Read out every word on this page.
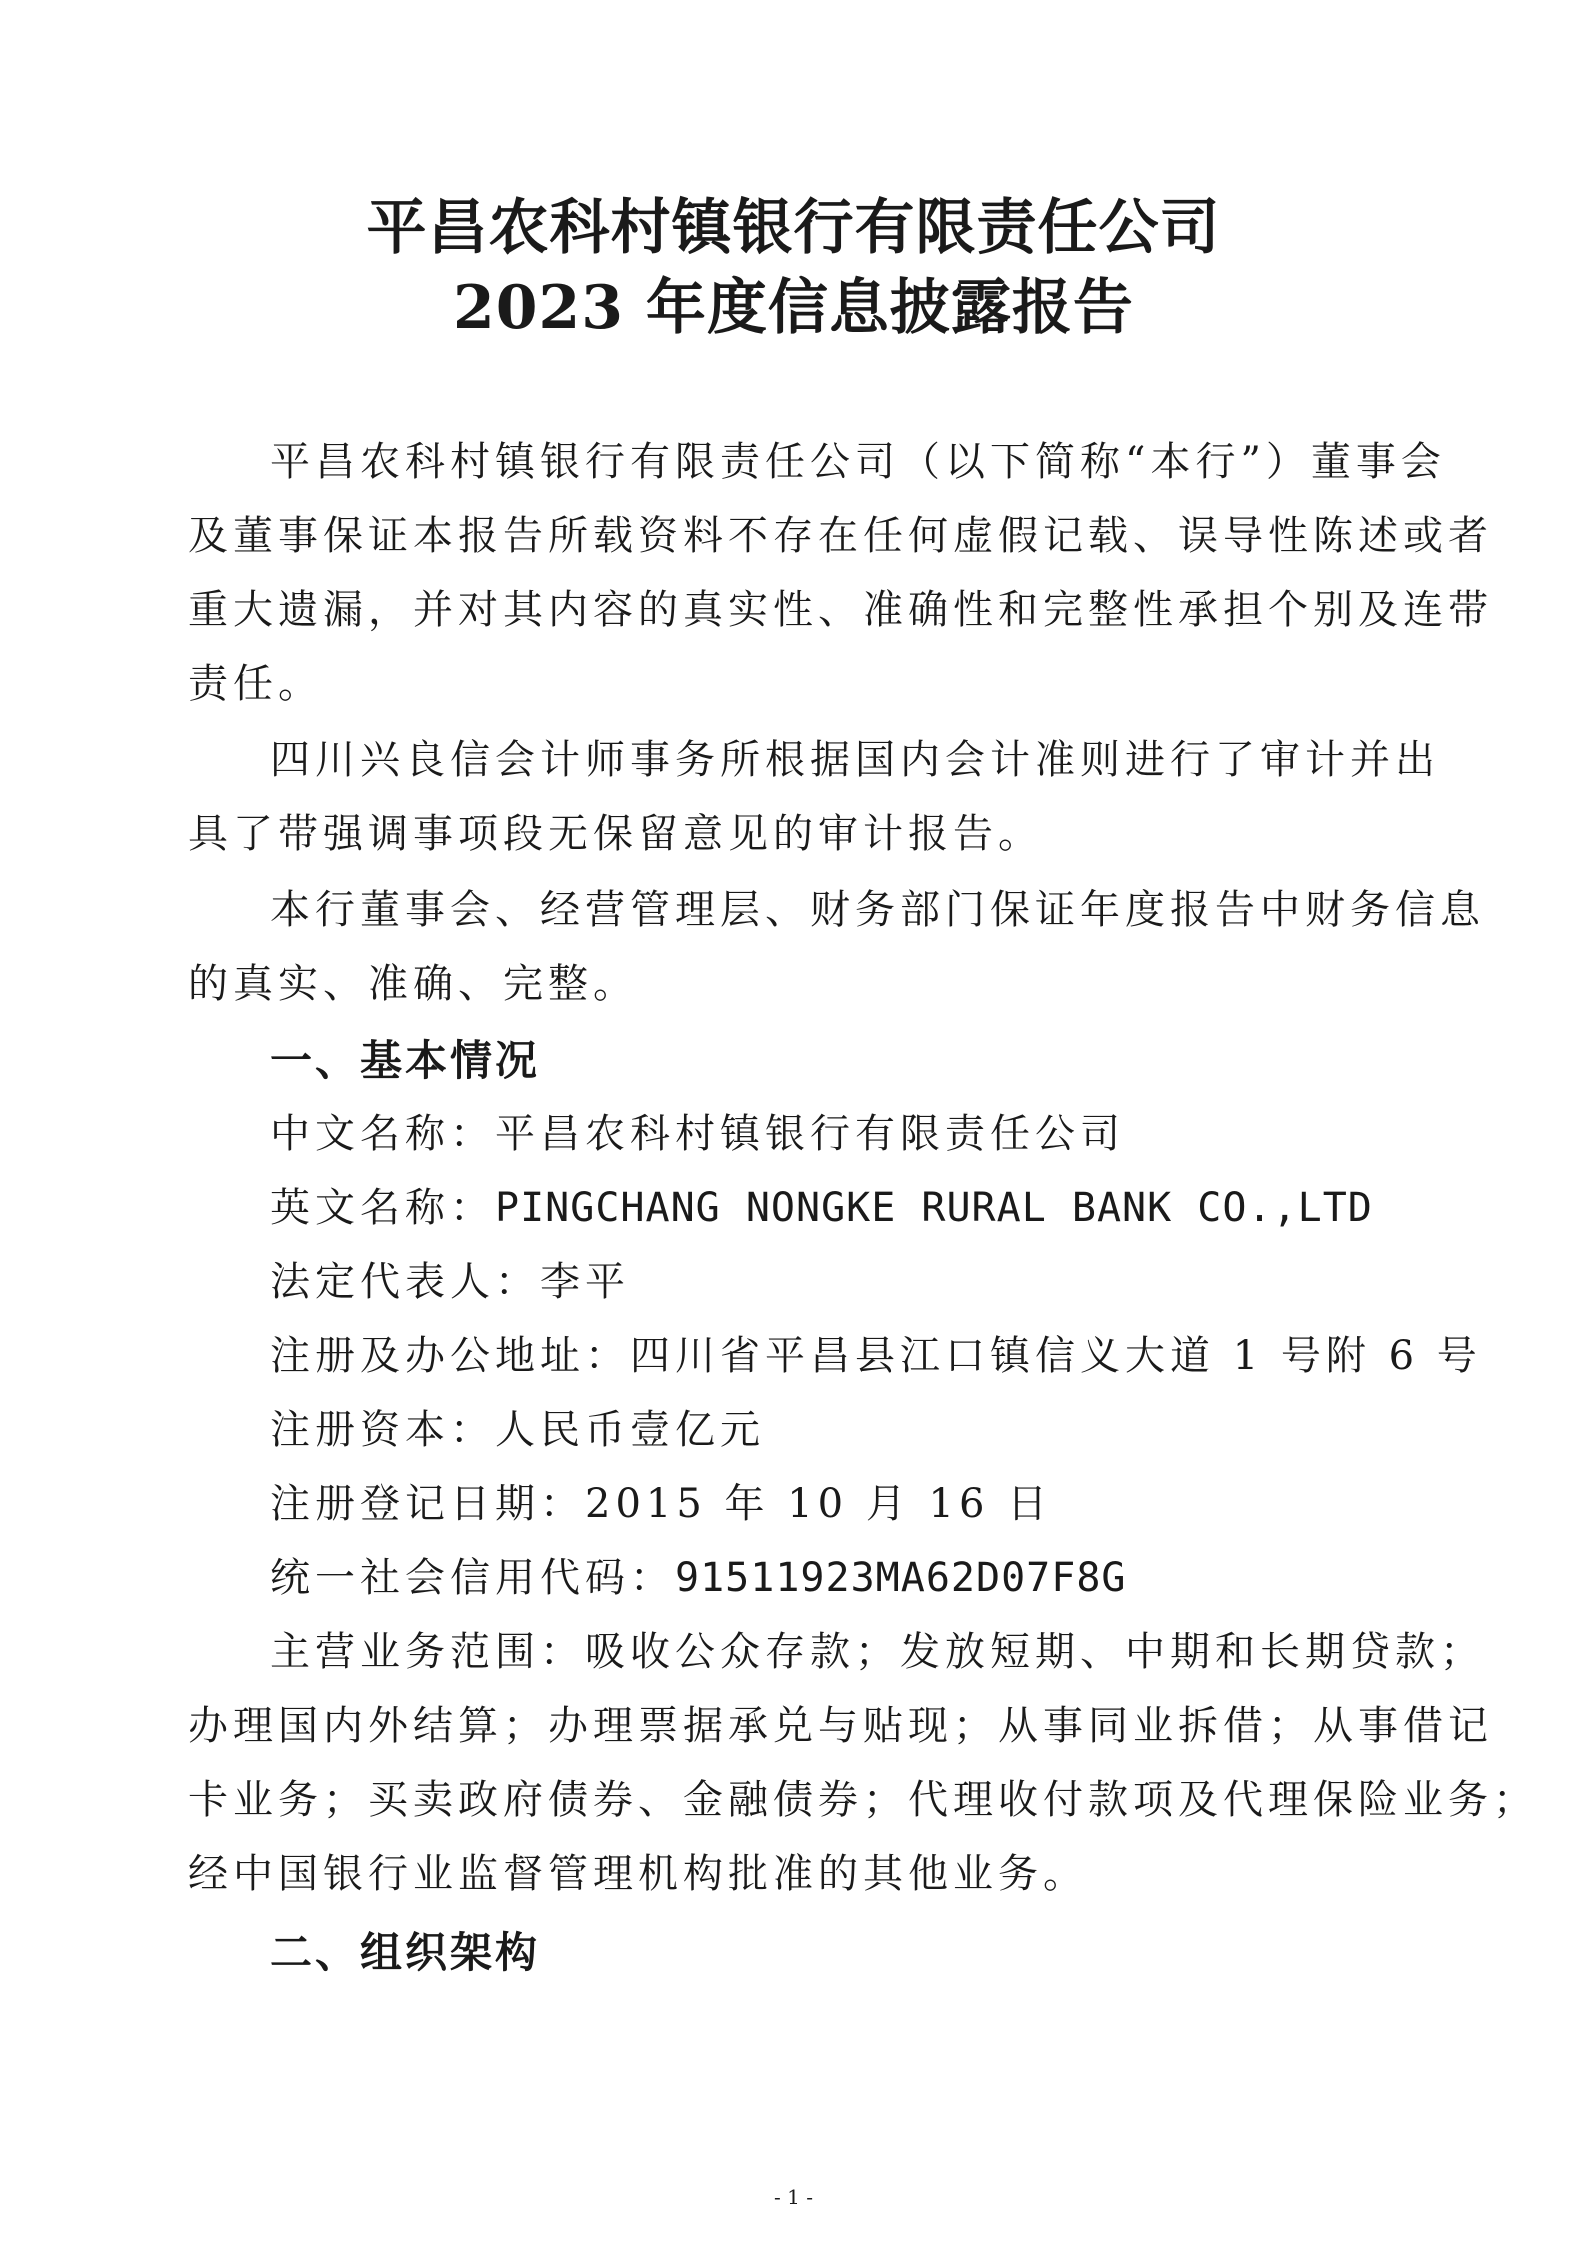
平昌农科村镇银行有限责任公司
2023 年度信息披露报告
平昌农科村镇银行有限责任公司（以下简称“本行”）董事会
及董事保证本报告所载资料不存在任何虚假记载、误导性陈述或者
重大遗漏，并对其内容的真实性、准确性和完整性承担个别及连带
责任。
四川兴良信会计师事务所根据国内会计准则进行了审计并出
具了带强调事项段无保留意见的审计报告。
本行董事会、经营管理层、财务部门保证年度报告中财务信息
的真实、准确、完整。
一、基本情况
中文名称：平昌农科村镇银行有限责任公司
英文名称：PINGCHANG NONGKE RURAL BANK CO.,LTD
法定代表人：李平
注册及办公地址：四川省平昌县江口镇信义大道 1 号附 6 号
注册资本：人民币壹亿元
注册登记日期：2015 年 10 月 16 日
统一社会信用代码：91511923MA62D07F8G
主营业务范围：吸收公众存款；发放短期、中期和长期贷款；
办理国内外结算；办理票据承兑与贴现；从事同业拆借；从事借记
卡业务；买卖政府债券、金融债券；代理收付款项及代理保险业务；
经中国银行业监督管理机构批准的其他业务。
二、组织架构
- 1 -
